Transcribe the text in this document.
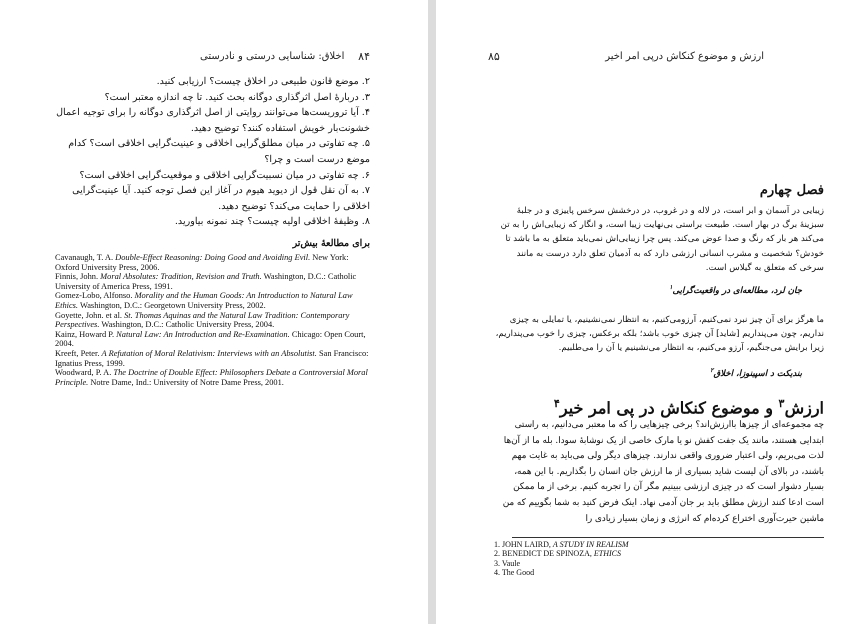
۸۴
اخلاق: شناسایی درستی و نادرستی

۲. موضع قانون طبیعی در اخلاق چیست؟ ارزیابی کنید.

۳. دربارهٔ اصل اثرگذاری دوگانه بحث کنید. تا چه اندازه معتبر است؟

۴. آیا تروریست‌ها می‌توانند روایتی از اصل اثرگذاری دوگانه را برای توجیه اعمال خشونت‌بار خویش استفاده کنند؟ توضیح دهید.

۵. چه تفاوتی در میان مطلق‌گرایی اخلاقی و عینیت‌گرایی اخلاقی است؟ کدام موضع درست است و چرا؟

۶. چه تفاوتی در میان نسبیت‌گرایی اخلاقی و موقعیت‌گرایی اخلاقی است؟

۷. به آن نقل قول از دیوید هیوم در آغاز این فصل توجه کنید. آیا عینیت‌گرایی اخلاقی را حمایت می‌کند؟ توضیح دهید.

۸. وظیفهٔ اخلاقی اولیه چیست؟ چند نمونه بیاورید.

برای مطالعهٔ بیش‌تر

Cavanaugh, T. A. Double-Effect Reasoning: Doing Good and Avoiding Evil. New York: Oxford University Press, 2006.

Finnis, John. Moral Absolutes: Tradition, Revision and Truth. Washington, D.C.: Catholic University of America Press, 1991.

Gomez-Lobo, Alfonso. Morality and the Human Goods: An Introduction to Natural Law Ethics. Washington, D.C.: Georgetown University Press, 2002.

Goyette, John. et al. St. Thomas Aquinas and the Natural Law Tradition: Contemporary Perspectives. Washington, D.C.: Catholic University Press, 2004.

Kainz, Howard P. Natural Law: An Introduction and Re-Examination. Chicago: Open Court, 2004.

Kreeft, Peter. A Refutation of Moral Relativism: Interviews with an Absolutist. San Francisco: Ignatius Press, 1999.

Woodward, P. A. The Doctrine of Double Effect: Philosophers Debate a Controversial Moral Principle. Notre Dame, Ind.: University of Notre Dame Press, 2001.

ارزش و موضوع کنکاش درپی امر اخیر
۸۵
فصل چهارم

زیبایی در آسمان و ابر است، در لاله و در غروب، در درخشش سرخس پاییزی و در جلبهٔ سبزینهٔ برگ در بهار است. طبیعت براستی بی‌نهایت زیبا است، و انگار که زیبایی‌اش را به تن می‌کند هر بار که رنگ و صدا عوض می‌کند. پس چرا زیبایی‌اش نمی‌باید متعلق به ما باشد تا خودش؟ شخصیت و مشرب انسانی ارزشی دارد که به آدمیان تعلق دارد درست به مانند سرخی که متعلق به گیلاس است.

جان لرد، مطالعه‌ای در واقعیت‌گرایی$^۱$

ما هرگز برای آن چیز نبرد نمی‌کنیم، آرزومی‌کنیم، به انتظار نمی‌نشینیم، یا تمایلی به چیزی نداریم، چون می‌پنداریم [شاید] آن چیزی خوب باشد؛ بلکه برعکس، چیزی را خوب می‌پنداریم، زیرا برایش می‌جنگیم، آرزو می‌کنیم، به انتظار می‌نشینیم یا آن را می‌طلبیم.

بندیکت د اسپینوزا، اخلاق$^۲$
ارزش$^۳$ و موضوع کنکاش در پی امر خیر$^۴$

چه مجموعه‌ای از چیزها باارزش‌اند؟ برخی چیزهایی را که ما معتبر می‌دانیم، به راستی ابتدایی هستند، مانند یک جفت کفش نو یا مارک خاصی از یک نوشابهٔ سودا. بله ما از آن‌ها لذت می‌بریم، ولی اعتبار ضروری واقعی ندارند. چیزهای دیگر ولی می‌باید به غایت مهم باشند، در بالای آن لیست شاید بسیاری از ما ارزش جان انسان را بگذاریم. با این همه، بسیار دشوار است که در چیزی ارزشی ببینیم مگر آن را تجربه کنیم. برخی از ما ممکن است ادعا کنند ارزش مطلق باید بر جان آدمی نهاد. اینک فرض کنید به شما بگوییم که من ماشین حیرت‌آوری اختراع کرده‌ام که انرژی و زمان بسیار زیادی را

1. JOHN LAIRD, A STUDY IN REALISM

2. BENEDICT DE SPINOZA, ETHICS

3. Vaule

4. The Good
